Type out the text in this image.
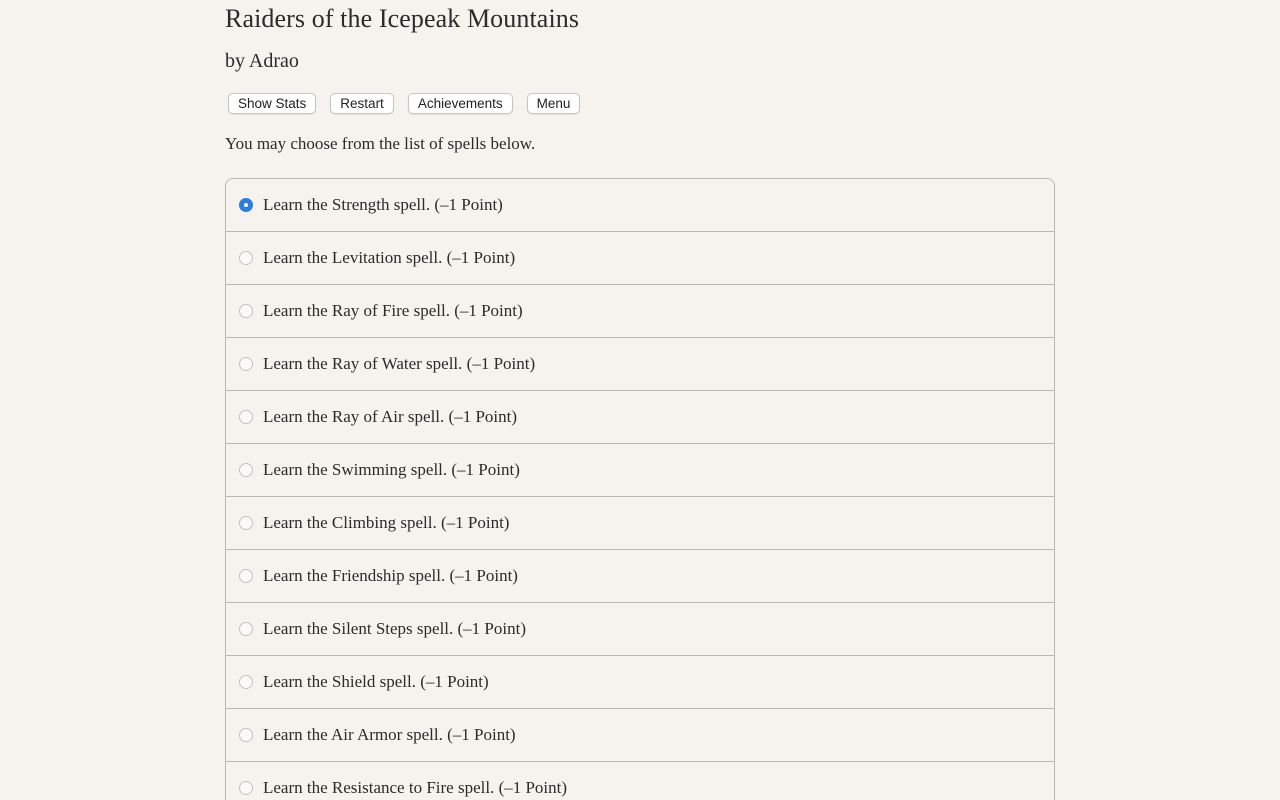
Raiders of the Icepeak Mountains
by Adrao
Show Stats	Restart	Achievements	Menu

You may choose from the list of spells below.

Learn the Strength spell. (–1 Point)
Learn the Levitation spell. (–1 Point)
Learn the Ray of Fire spell. (–1 Point)
Learn the Ray of Water spell. (–1 Point)
Learn the Ray of Air spell. (–1 Point)
Learn the Swimming spell. (–1 Point)
Learn the Climbing spell. (–1 Point)
Learn the Friendship spell. (–1 Point)
Learn the Silent Steps spell. (–1 Point)
Learn the Shield spell. (–1 Point)
Learn the Air Armor spell. (–1 Point)
Learn the Resistance to Fire spell. (–1 Point)
